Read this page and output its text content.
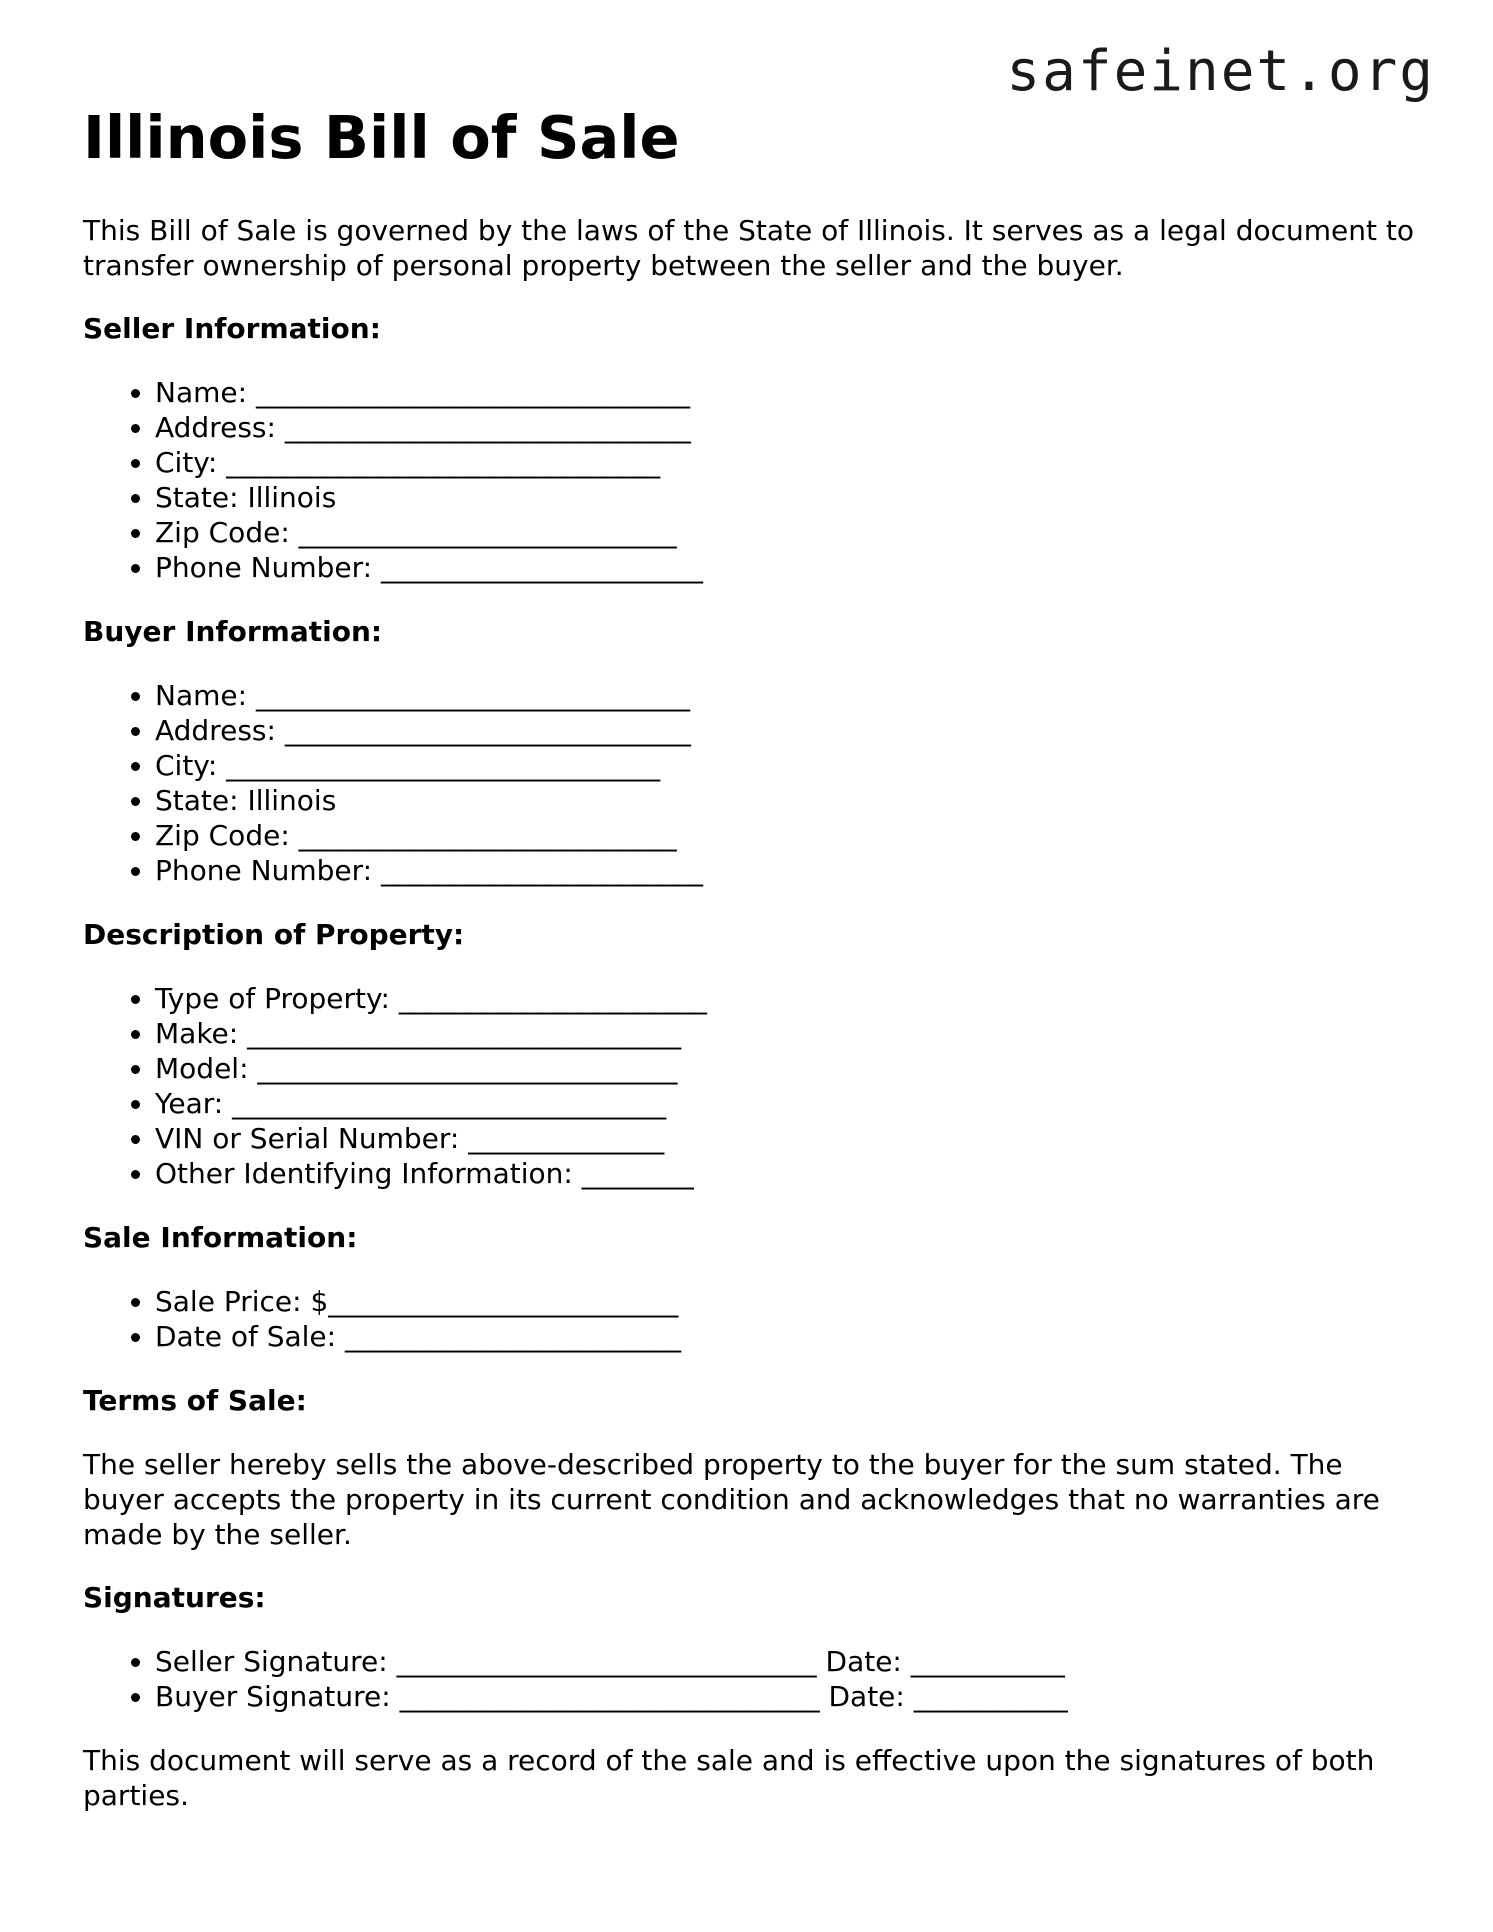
safeinet.org
Illinois Bill of Sale

This Bill of Sale is governed by the laws of the State of Illinois. It serves as a legal document to transfer ownership of personal property between the seller and the buyer.

Seller Information:
• Name: _______________________________
• Address: _____________________________
• City: _______________________________
• State: Illinois
• Zip Code: ___________________________
• Phone Number: _______________________
Buyer Information:
• Name: _______________________________
• Address: _____________________________
• City: _______________________________
• State: Illinois
• Zip Code: ___________________________
• Phone Number: _______________________
Description of Property:
• Type of Property: ______________________
• Make: _______________________________
• Model: ______________________________
• Year: _______________________________
• VIN or Serial Number: ______________
• Other Identifying Information: ________
Sale Information:
• Sale Price: $_________________________
• Date of Sale: ________________________
Terms of Sale:

The seller hereby sells the above-described property to the buyer for the sum stated. The buyer accepts the property in its current condition and acknowledges that no warranties are made by the seller.

Signatures:
• Seller Signature: ______________________________ Date: ___________
• Buyer Signature: ______________________________ Date: ___________

This document will serve as a record of the sale and is effective upon the signatures of both parties.
